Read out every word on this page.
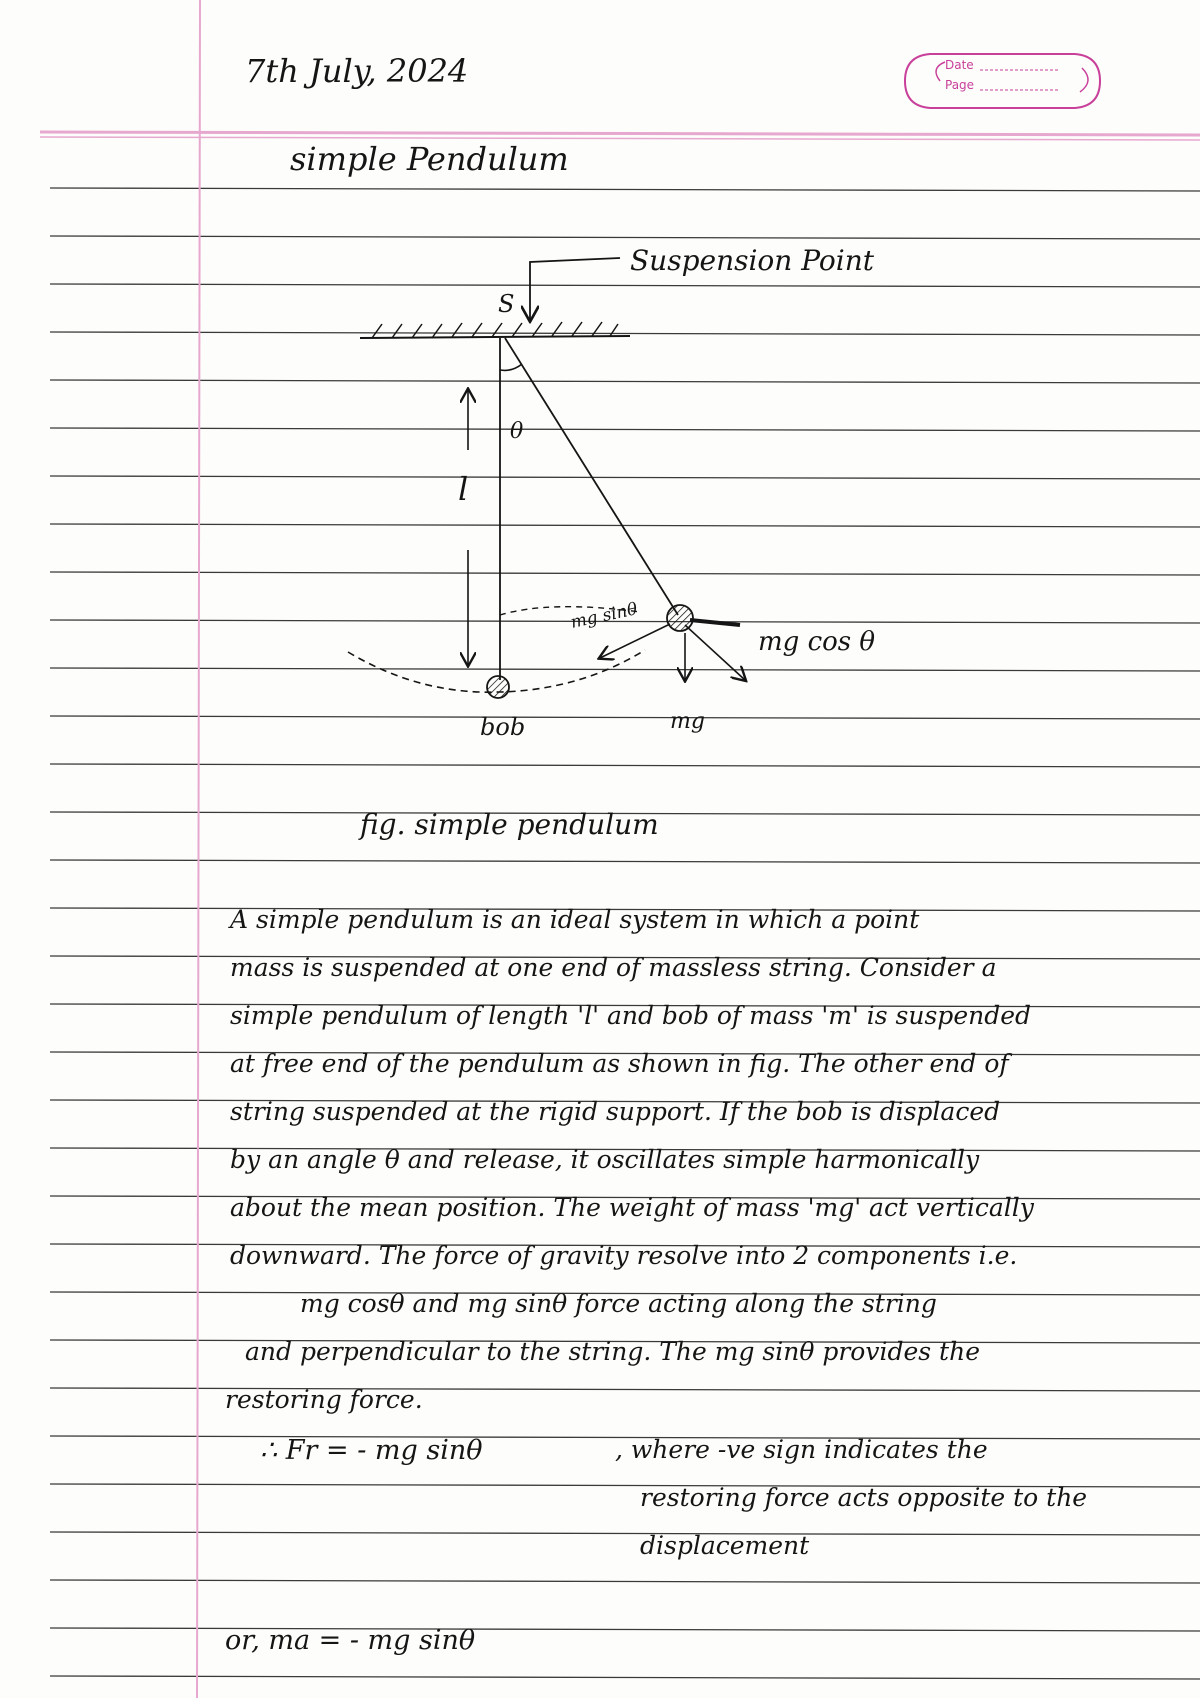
Date
Page
7th July, 2024
simple Pendulum
Suspension Point
S
θ
l
bob
mg sinθ
mg cos θ
mg
fig. simple pendulum
A simple pendulum is an ideal system in which a point
mass is suspended at one end of massless string. Consider a
simple pendulum of length 'l' and bob of mass 'm' is suspended
at free end of the pendulum as shown in fig. The other end of
string suspended at the rigid support. If the bob is displaced
by an angle θ and release, it oscillates simple harmonically
about the mean position. The weight of mass 'mg' act vertically
downward. The force of gravity resolve into 2 components i.e.
mg cosθ and mg sinθ force acting along the string
and perpendicular to the string. The mg sinθ provides the
restoring force.
∴ Fr = - mg sinθ	, where -ve sign indicates the
restoring force acts opposite to the
displacement
or, ma = - mg sinθ
